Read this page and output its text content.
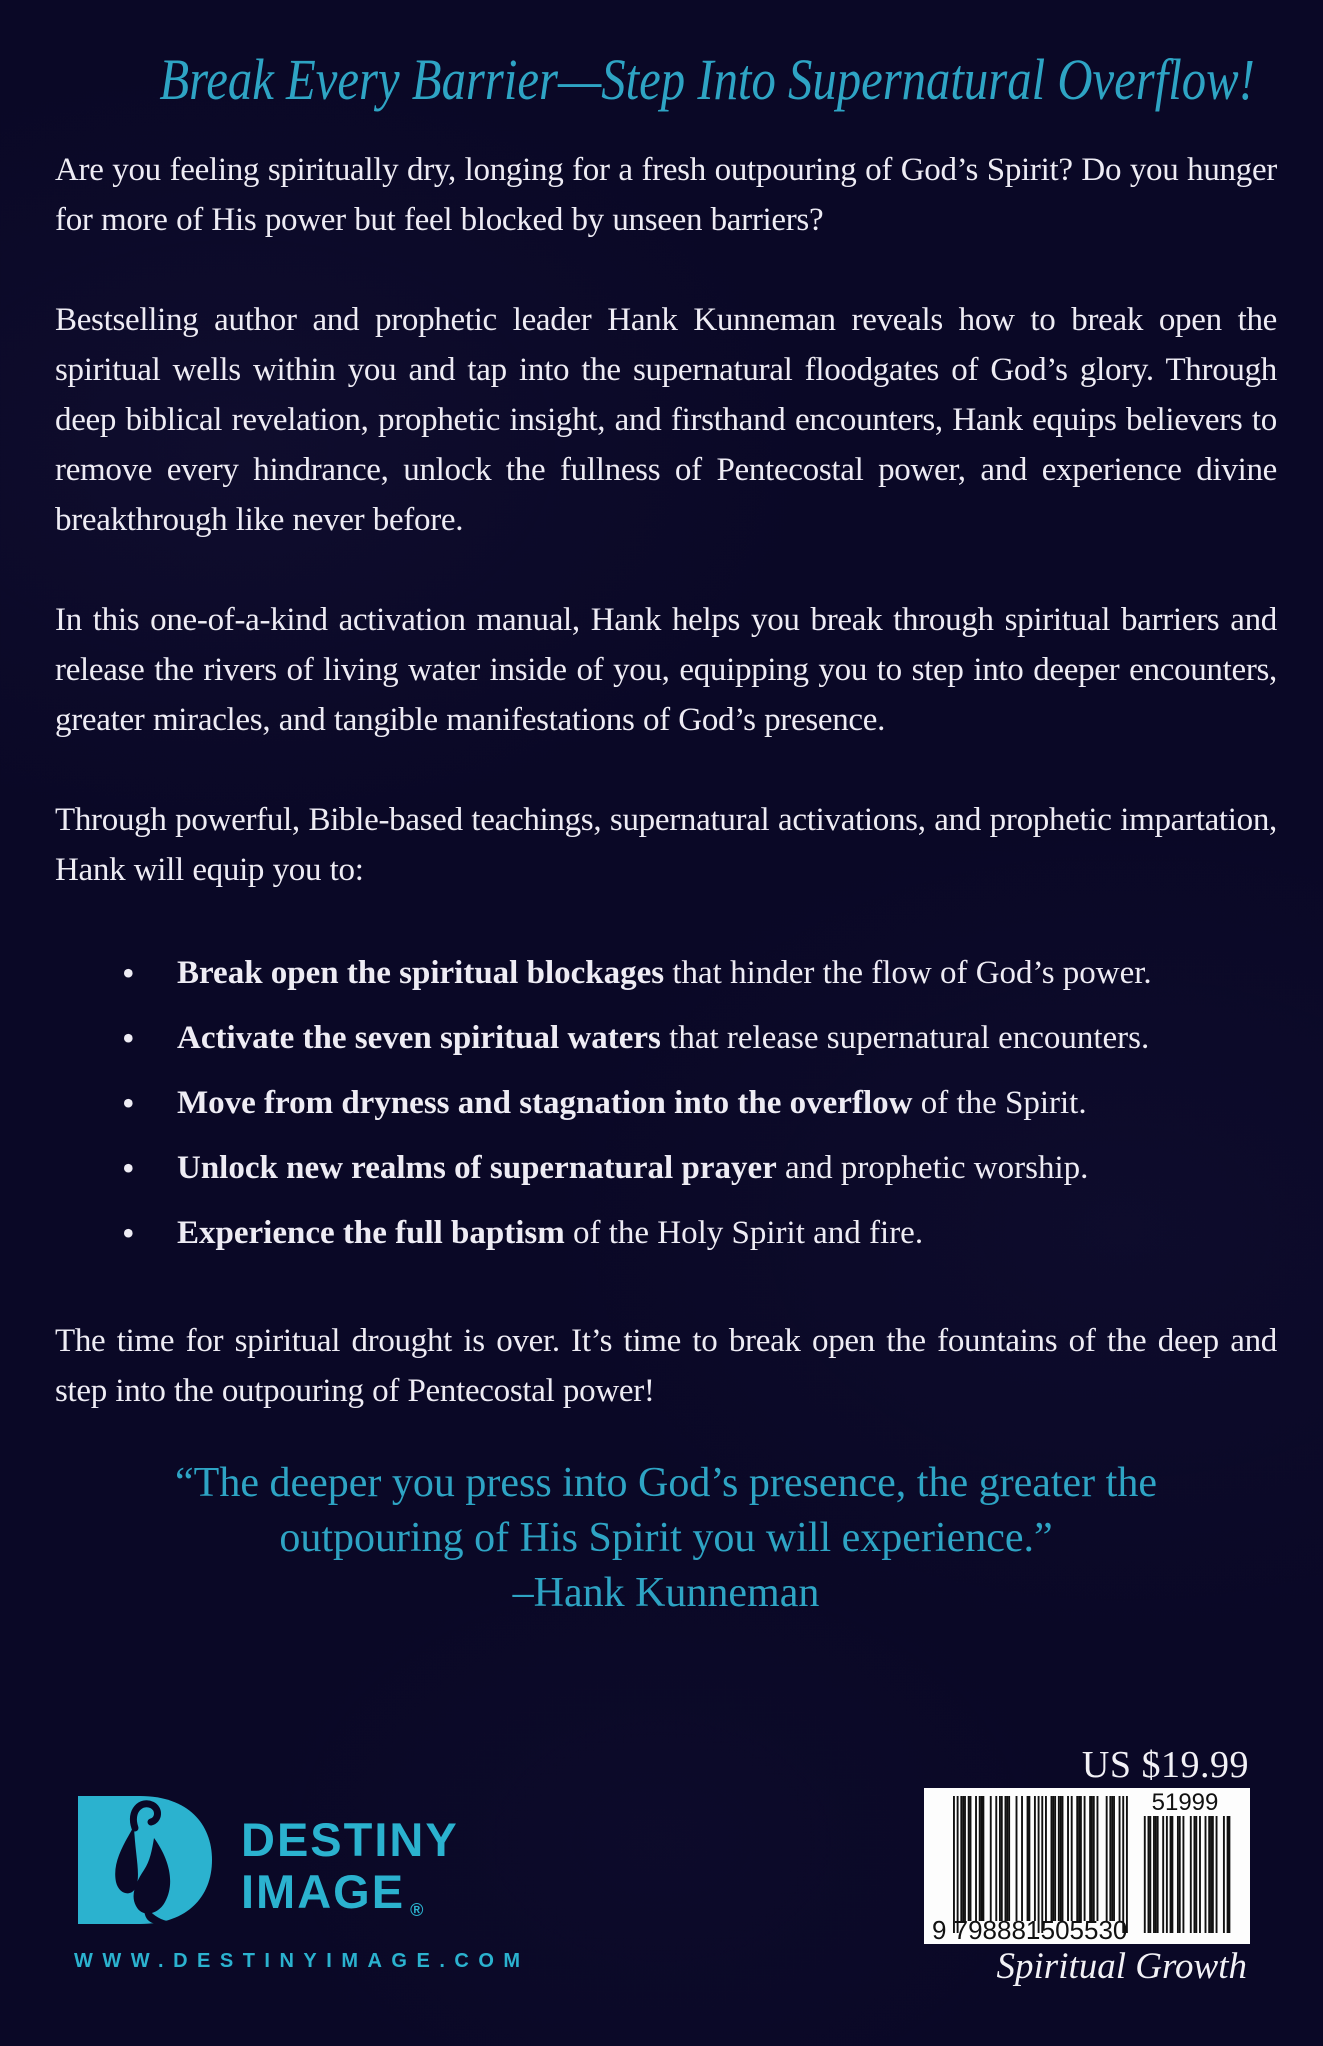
Break Every Barrier—Step Into Supernatural Overflow!

Are you feeling spiritually dry, longing for a fresh outpouring of God’s Spirit? Do you hunger for more of His power but feel blocked by unseen barriers?

Bestselling author and prophetic leader Hank Kunneman reveals how to break open the spiritual wells within you and tap into the supernatural floodgates of God’s glory. Through deep biblical revelation, prophetic insight, and firsthand encounters, Hank equips believers to remove every hindrance, unlock the fullness of Pentecostal power, and experience divine breakthrough like never before.

In this one-of-a-kind activation manual, Hank helps you break through spiritual barriers and release the rivers of living water inside of you, equipping you to step into deeper encounters, greater miracles, and tangible manifestations of God’s presence.

Through powerful, Bible-based teachings, supernatural activations, and prophetic impartation, Hank will equip you to:

• Break open the spiritual blockages that hinder the flow of God’s power.
• Activate the seven spiritual waters that release supernatural encounters.
• Move from dryness and stagnation into the overflow of the Spirit.
• Unlock new realms of supernatural prayer and prophetic worship.
• Experience the full baptism of the Holy Spirit and fire.

The time for spiritual drought is over. It’s time to break open the fountains of the deep and step into the outpouring of Pentecostal power!

“The deeper you press into God’s presence, the greater the
outpouring of His Spirit you will experience.”
–Hank Kunneman
US $19.99
9 798881 505530
51999
Spiritual Growth
DESTINY
IMAGE ®
WWW.DESTINYIMAGE.COM
